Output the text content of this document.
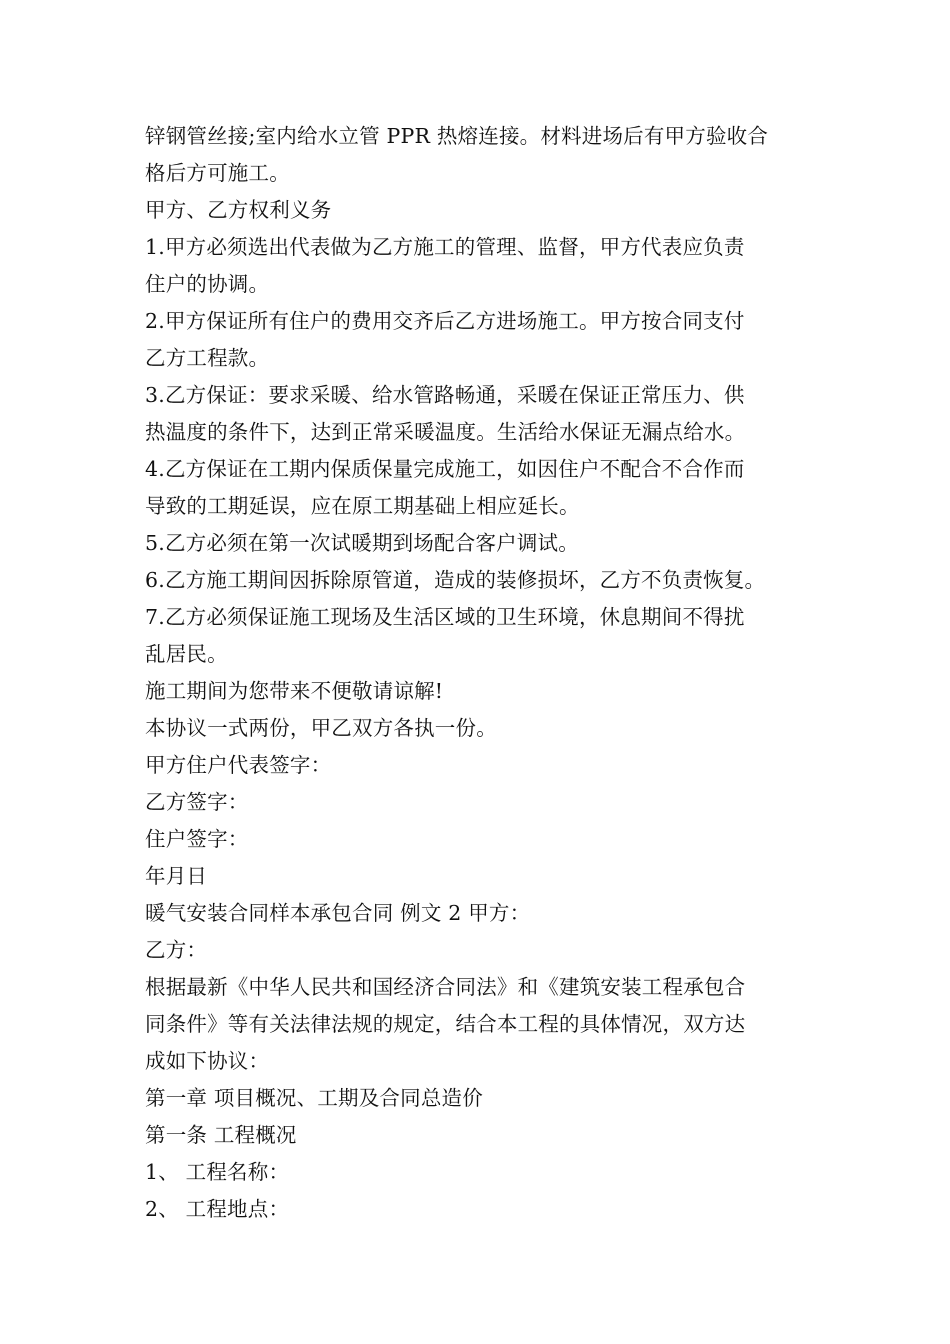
锌钢管丝接;室内给水立管 PPR 热熔连接。材料进场后有甲方验收合
格后方可施工。

甲方、乙方权利义务

1.甲方必须选出代表做为乙方施工的管理、监督，甲方代表应负责
住户的协调。

2.甲方保证所有住户的费用交齐后乙方进场施工。甲方按合同支付
乙方工程款。

3.乙方保证：要求采暖、给水管路畅通，采暖在保证正常压力、供
热温度的条件下，达到正常采暖温度。生活给水保证无漏点给水。

4.乙方保证在工期内保质保量完成施工，如因住户不配合不合作而
导致的工期延误，应在原工期基础上相应延长。

5.乙方必须在第一次试暖期到场配合客户调试。

6.乙方施工期间因拆除原管道，造成的装修损坏，乙方不负责恢复。

7.乙方必须保证施工现场及生活区域的卫生环境，休息期间不得扰
乱居民。

施工期间为您带来不便敬请谅解!

本协议一式两份，甲乙双方各执一份。

甲方住户代表签字：

乙方签字：

住户签字：

年月日

暖气安装合同样本承包合同 例文 2 甲方：

乙方：

根据最新《中华人民共和国经济合同法》和《建筑安装工程承包合
同条件》等有关法律法规的规定，结合本工程的具体情况，双方达
成如下协议：

第一章 项目概况、工期及合同总造价

第一条 工程概况

1、 工程名称：

2、 工程地点：
